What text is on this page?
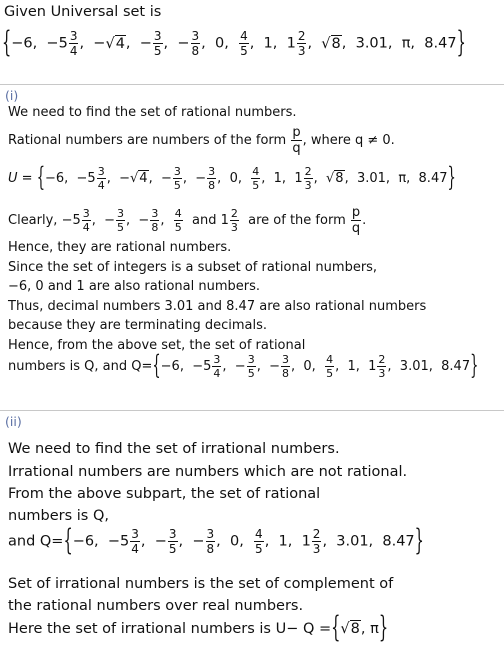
Given Universal set is
{−6,  $-5 \frac{3}{4}$ ,  −√4,  − $\frac{3}{5}$ ,  − $\frac{3}{8}$ ,  0, $\frac{4}{5}$ ,  1,  $1 \frac{2}{3}$ ,  √8,  3.01,  π,  8.47}
(i)
We need to find the set of rational numbers.
Rational numbers are numbers of the form $\frac{p}{q}$ , where q ≠ 0.
U = {−6,  $-5 \frac{3}{4}$ ,  −√4,  − $\frac{3}{5}$ ,  − $\frac{3}{8}$ ,  0, $\frac{4}{5}$ ,  1,  $1 \frac{2}{3}$ ,  √8,  3.01,  π,  8.47}
Clearly, $-5 \frac{3}{4}$ ,  − $\frac{3}{5}$ ,  − $\frac{3}{8}$ , $\frac{4}{5}$ and $1 \frac{2}{3}$ are of the form $\frac{p}{q}$ .
Hence, they are rational numbers.
Since the set of integers is a subset of rational numbers,
−6, 0 and 1 are also rational numbers.
Thus, decimal numbers 3.01 and 8.47 are also rational numbers
because they are terminating decimals.
Hence, from the above set, the set of rational
numbers is Q, and Q={−6,  $-5 \frac{3}{4}$ ,  − $\frac{3}{5}$ ,  − $\frac{3}{8}$ ,  0, $\frac{4}{5}$ ,  1,  $1 \frac{2}{3}$ ,  3.01,  8.47}
(ii)
We need to find the set of irrational numbers.
Irrational numbers are numbers which are not rational.
From the above subpart, the set of rational
numbers is Q,
and Q={−6,  $-5 \frac{3}{4}$ ,  − $\frac{3}{5}$ ,  − $\frac{3}{8}$ ,  0, $\frac{4}{5}$ ,  1,  $1 \frac{2}{3}$ ,  3.01,  8.47}
Set of irrational numbers is the set of complement of
the rational numbers over real numbers.
Here the set of irrational numbers is U− Q ={√8, π}
